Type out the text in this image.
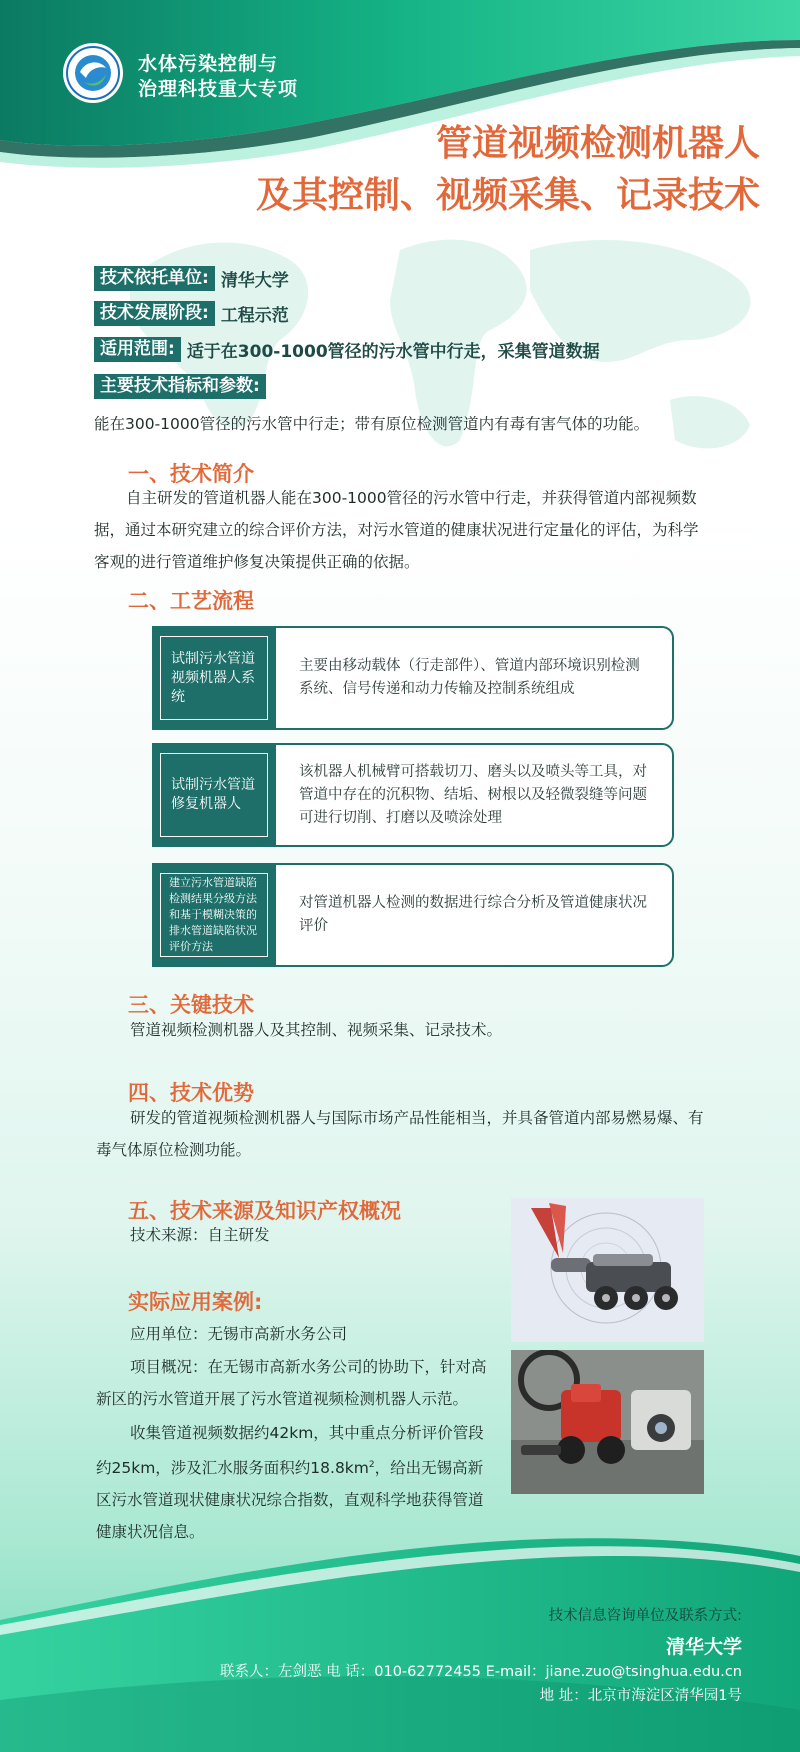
水体污染控制与
治理科技重大专项
管道视频检测机器人
及其控制、视频采集、记录技术
技术依托单位: 清华大学
技术发展阶段: 工程示范
适用范围: 适于在300-1000管径的污水管中行走，采集管道数据
主要技术指标和参数:
能在300-1000管径的污水管中行走；带有原位检测管道内有毒有害气体的功能。
一、技术简介
自主研发的管道机器人能在300-1000管径的污水管中行走，并获得管道内部视频数据，通过本研究建立的综合评价方法，对污水管道的健康状况进行定量化的评估，为科学客观的进行管道维护修复决策提供正确的依据。
二、工艺流程
试制污水管道视频机器人系统
主要由移动载体（行走部件）、管道内部环境识别检测系统、信号传递和动力传输及控制系统组成
试制污水管道修复机器人
该机器人机械臂可搭载切刀、磨头以及喷头等工具，对管道中存在的沉积物、结垢、树根以及轻微裂缝等问题可进行切削、打磨以及喷涂处理
建立污水管道缺陷检测结果分级方法和基于模糊决策的排水管道缺陷状况评价方法
对管道机器人检测的数据进行综合分析及管道健康状况评价
三、关键技术
管道视频检测机器人及其控制、视频采集、记录技术。
四、技术优势
研发的管道视频检测机器人与国际市场产品性能相当，并具备管道内部易燃易爆、有毒气体原位检测功能。
五、技术来源及知识产权概况
技术来源：自主研发
实际应用案例:
应用单位：无锡市高新水务公司
项目概况：在无锡市高新水务公司的协助下，针对高新区的污水管道开展了污水管道视频检测机器人示范。
收集管道视频数据约42km，其中重点分析评价管段约25km，涉及汇水服务面积约$18.8km^2$，给出无锡高新区污水管道现状健康状况综合指数，直观科学地获得管道健康状况信息。
技术信息咨询单位及联系方式:
清华大学
联系人：左剑恶 电 话：010-62772455 E-mail：jiane.zuo@tsinghua.edu.cn
地 址：北京市海淀区清华园1号
